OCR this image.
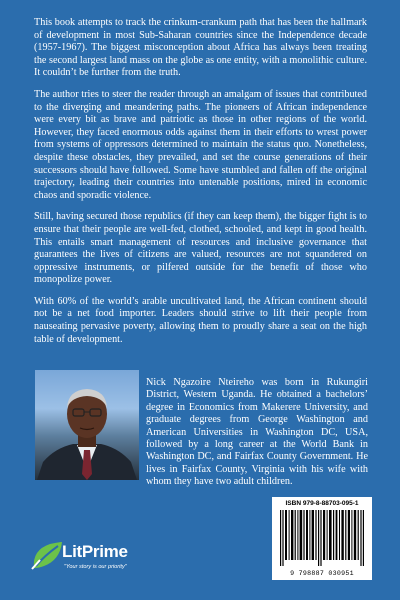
This book attempts to track the crinkum-crankum path that has been the hallmark of development in most Sub-Saharan countries since the Independence decade (1957-1967). The biggest misconception about Africa has always been treating the second largest land mass on the globe as one entity, with a monolithic culture. It couldn’t be further from the truth.

The author tries to steer the reader through an amalgam of issues that contributed to the diverging and meandering paths. The pioneers of African independence were every bit as brave and patriotic as those in other regions of the world. However, they faced enormous odds against them in their efforts to wrest power from systems of oppressors determined to maintain the status quo. Nonetheless, despite these obstacles, they prevailed, and set the course generations of their successors should have followed. Some have stumbled and fallen off the original trajectory, leading their countries into untenable positions, mired in economic chaos and sporadic violence.

Still, having secured those republics (if they can keep them), the bigger fight is to ensure that their people are well-fed, clothed, schooled, and kept in good health. This entails smart management of resources and inclusive governance that guarantees the lives of citizens are valued, resources are not squandered on oppressive instruments, or pilfered outside for the benefit of those who monopolize power.

With 60% of the world’s arable uncultivated land, the African continent should not be a net food importer. Leaders should strive to lift their people from nauseating pervasive poverty, allowing them to proudly share a seat on the high table of development.

Nick Ngazoire Nteireho was born in Rukungiri District, Western Uganda. He obtained a bachelors’ degree in Economics from Makerere University, and graduate degrees from George Washington and American Universities in Washington DC, USA, followed by a long career at the World Bank in Washington DC, and Fairfax County Government. He lives in Fairfax County, Virginia with his wife with whom they have two adult children.
ISBN 979-8-88703-095-1
9 798887 030951
LitPrime
"Your story is our priority"
